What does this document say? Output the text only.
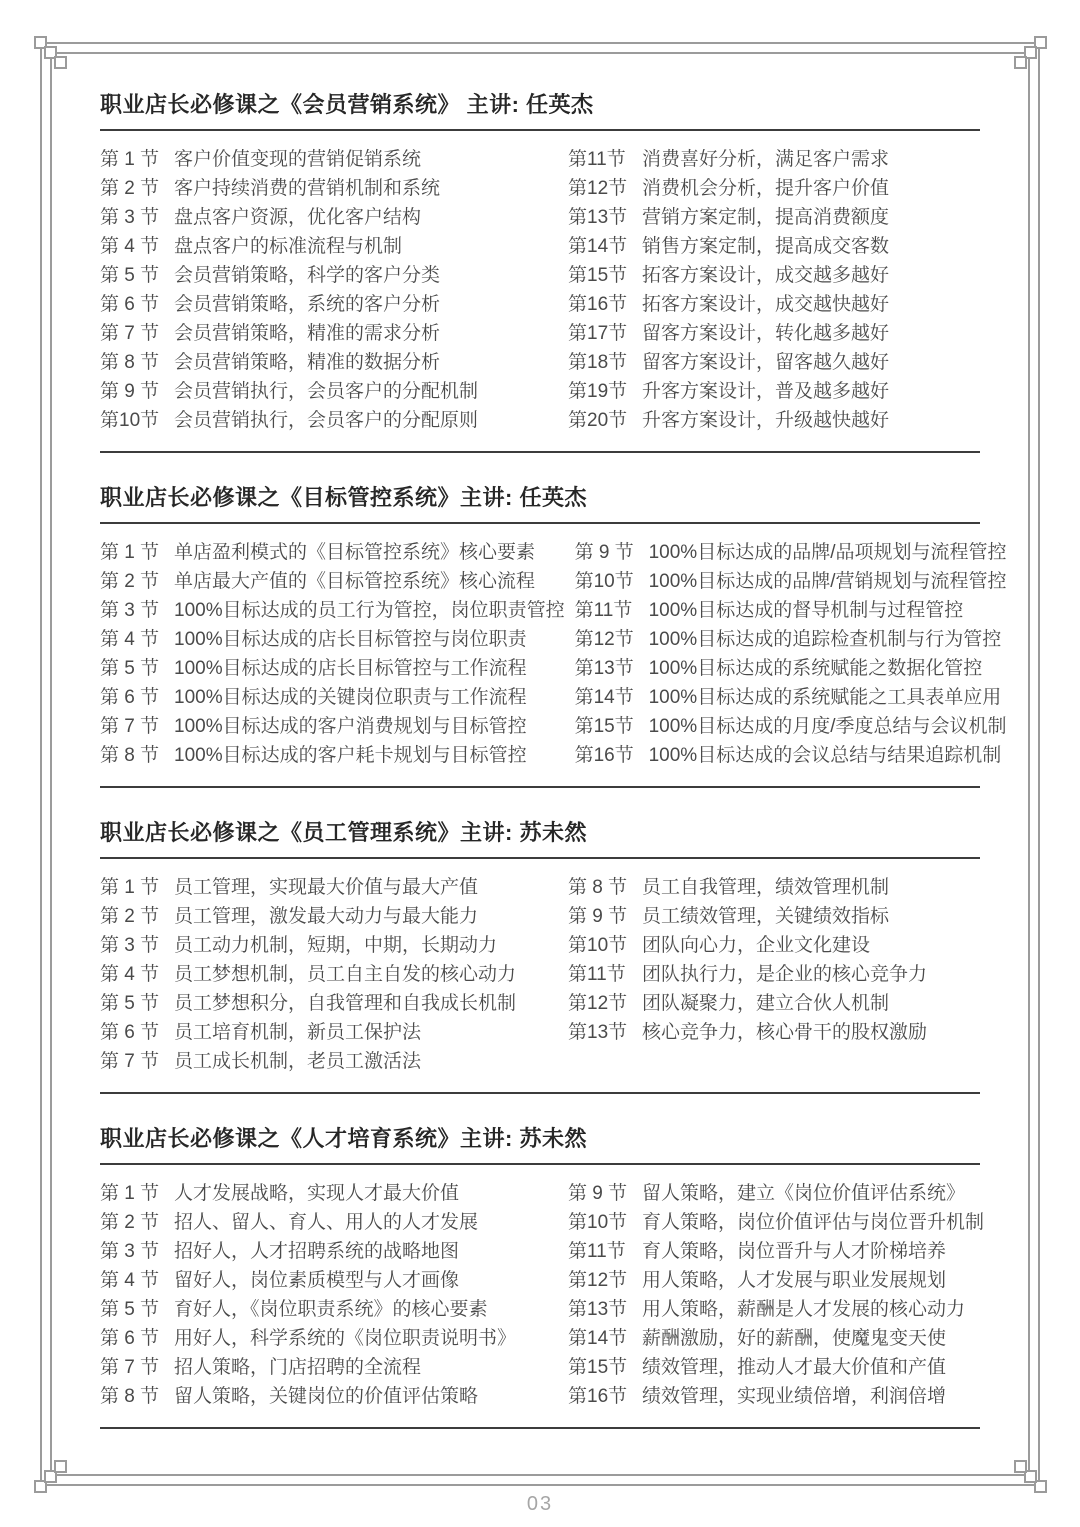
职业店长必修课之《会员营销系统》 主讲: 任英杰
第 1 节 客户价值变现的营销促销系统
第 2 节 客户持续消费的营销机制和系统
第 3 节 盘点客户资源，优化客户结构
第 4 节 盘点客户的标准流程与机制
第 5 节 会员营销策略，科学的客户分类
第 6 节 会员营销策略，系统的客户分析
第 7 节 会员营销策略，精准的需求分析
第 8 节 会员营销策略，精准的数据分析
第 9 节 会员营销执行，会员客户的分配机制
第10节 会员营销执行，会员客户的分配原则
第11节 消费喜好分析，满足客户需求
第12节 消费机会分析，提升客户价值
第13节 营销方案定制，提高消费额度
第14节 销售方案定制，提高成交客数
第15节 拓客方案设计，成交越多越好
第16节 拓客方案设计，成交越快越好
第17节 留客方案设计，转化越多越好
第18节 留客方案设计，留客越久越好
第19节 升客方案设计，普及越多越好
第20节 升客方案设计，升级越快越好
职业店长必修课之《目标管控系统》主讲: 任英杰
第 1 节 单店盈利模式的《目标管控系统》核心要素
第 2 节 单店最大产值的《目标管控系统》核心流程
第 3 节 100%目标达成的员工行为管控，岗位职责管控
第 4 节 100%目标达成的店长目标管控与岗位职责
第 5 节 100%目标达成的店长目标管控与工作流程
第 6 节 100%目标达成的关键岗位职责与工作流程
第 7 节 100%目标达成的客户消费规划与目标管控
第 8 节 100%目标达成的客户耗卡规划与目标管控
第 9 节 100%目标达成的品牌/品项规划与流程管控
第10节 100%目标达成的品牌/营销规划与流程管控
第11节 100%目标达成的督导机制与过程管控
第12节 100%目标达成的追踪检查机制与行为管控
第13节 100%目标达成的系统赋能之数据化管控
第14节 100%目标达成的系统赋能之工具表单应用
第15节 100%目标达成的月度/季度总结与会议机制
第16节 100%目标达成的会议总结与结果追踪机制
职业店长必修课之《员工管理系统》主讲: 苏未然
第 1 节 员工管理，实现最大价值与最大产值
第 2 节 员工管理，激发最大动力与最大能力
第 3 节 员工动力机制，短期，中期，长期动力
第 4 节 员工梦想机制，员工自主自发的核心动力
第 5 节 员工梦想积分，自我管理和自我成长机制
第 6 节 员工培育机制，新员工保护法
第 7 节 员工成长机制，老员工激活法
第 8 节 员工自我管理，绩效管理机制
第 9 节 员工绩效管理，关键绩效指标
第10节 团队向心力，企业文化建设
第11节 团队执行力，是企业的核心竞争力
第12节 团队凝聚力，建立合伙人机制
第13节 核心竞争力，核心骨干的股权激励
职业店长必修课之《人才培育系统》主讲: 苏未然
第 1 节 人才发展战略，实现人才最大价值
第 2 节 招人、留人、育人、用人的人才发展
第 3 节 招好人，人才招聘系统的战略地图
第 4 节 留好人，岗位素质模型与人才画像
第 5 节 育好人，《岗位职责系统》的核心要素
第 6 节 用好人，科学系统的《岗位职责说明书》
第 7 节 招人策略，门店招聘的全流程
第 8 节 留人策略，关键岗位的价值评估策略
第 9 节 留人策略，建立《岗位价值评估系统》
第10节 育人策略，岗位价值评估与岗位晋升机制
第11节 育人策略，岗位晋升与人才阶梯培养
第12节 用人策略，人才发展与职业发展规划
第13节 用人策略，薪酬是人才发展的核心动力
第14节 薪酬激励，好的薪酬，使魔鬼变天使
第15节 绩效管理，推动人才最大价值和产值
第16节 绩效管理，实现业绩倍增，利润倍增
03
